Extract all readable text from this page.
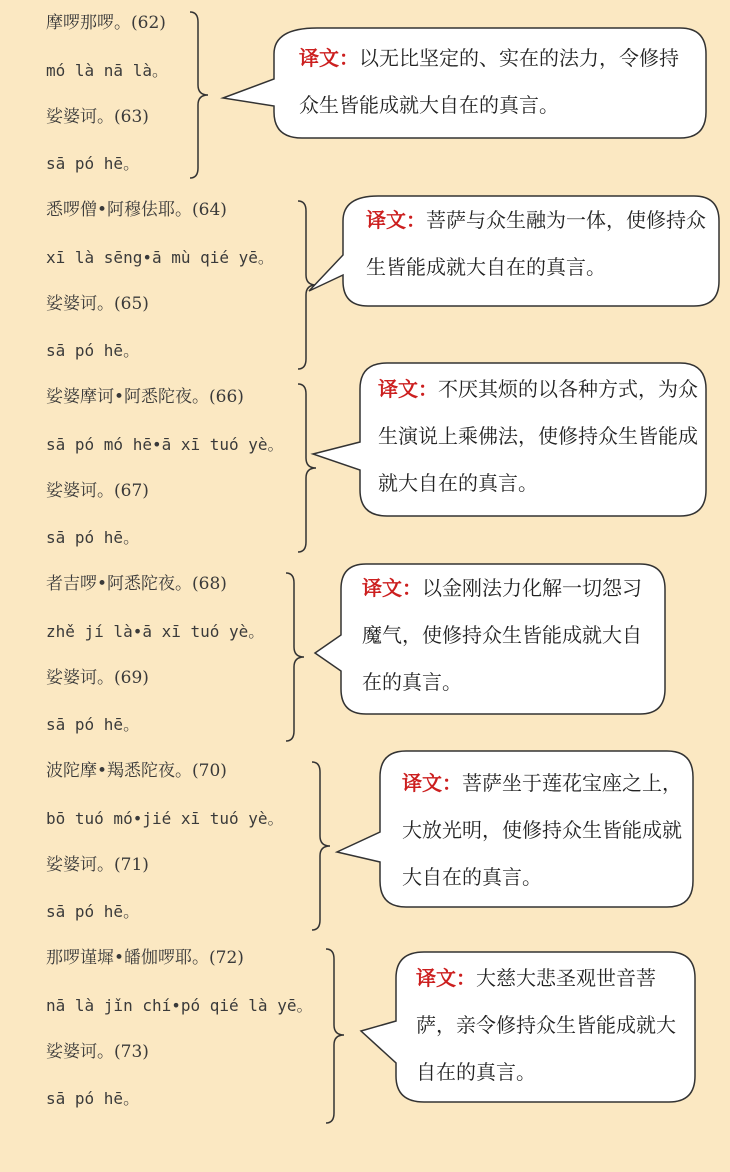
摩啰那啰。(62)
mó là nā là。
娑婆诃。(63)
sā pó hē。
译文：以无比坚定的、实在的法力，令修持众生皆能成就大自在的真言。
悉啰僧•阿穆佉耶。(64)
xī là sēng•ā mù qié yē。
娑婆诃。(65)
sā pó hē。
译文：菩萨与众生融为一体，使修持众生皆能成就大自在的真言。
娑婆摩诃•阿悉陀夜。(66)
sā pó mó hē•ā xī tuó yè。
娑婆诃。(67)
sā pó hē。
译文：不厌其烦的以各种方式，为众生演说上乘佛法，使修持众生皆能成就大自在的真言。
者吉啰•阿悉陀夜。(68)
zhě jí là•ā xī tuó yè。
娑婆诃。(69)
sā pó hē。
译文：以金刚法力化解一切怨习魔气，使修持众生皆能成就大自在的真言。
波陀摩•羯悉陀夜。(70)
bō tuó mó•jié xī tuó yè。
娑婆诃。(71)
sā pó hē。
译文：菩萨坐于莲花宝座之上，大放光明，使修持众生皆能成就大自在的真言。
那啰谨墀•皤伽啰耶。(72)
nā là jǐn chí•pó qié là yē。
娑婆诃。(73)
sā pó hē。
译文：大慈大悲圣观世音菩萨，亲令修持众生皆能成就大自在的真言。
